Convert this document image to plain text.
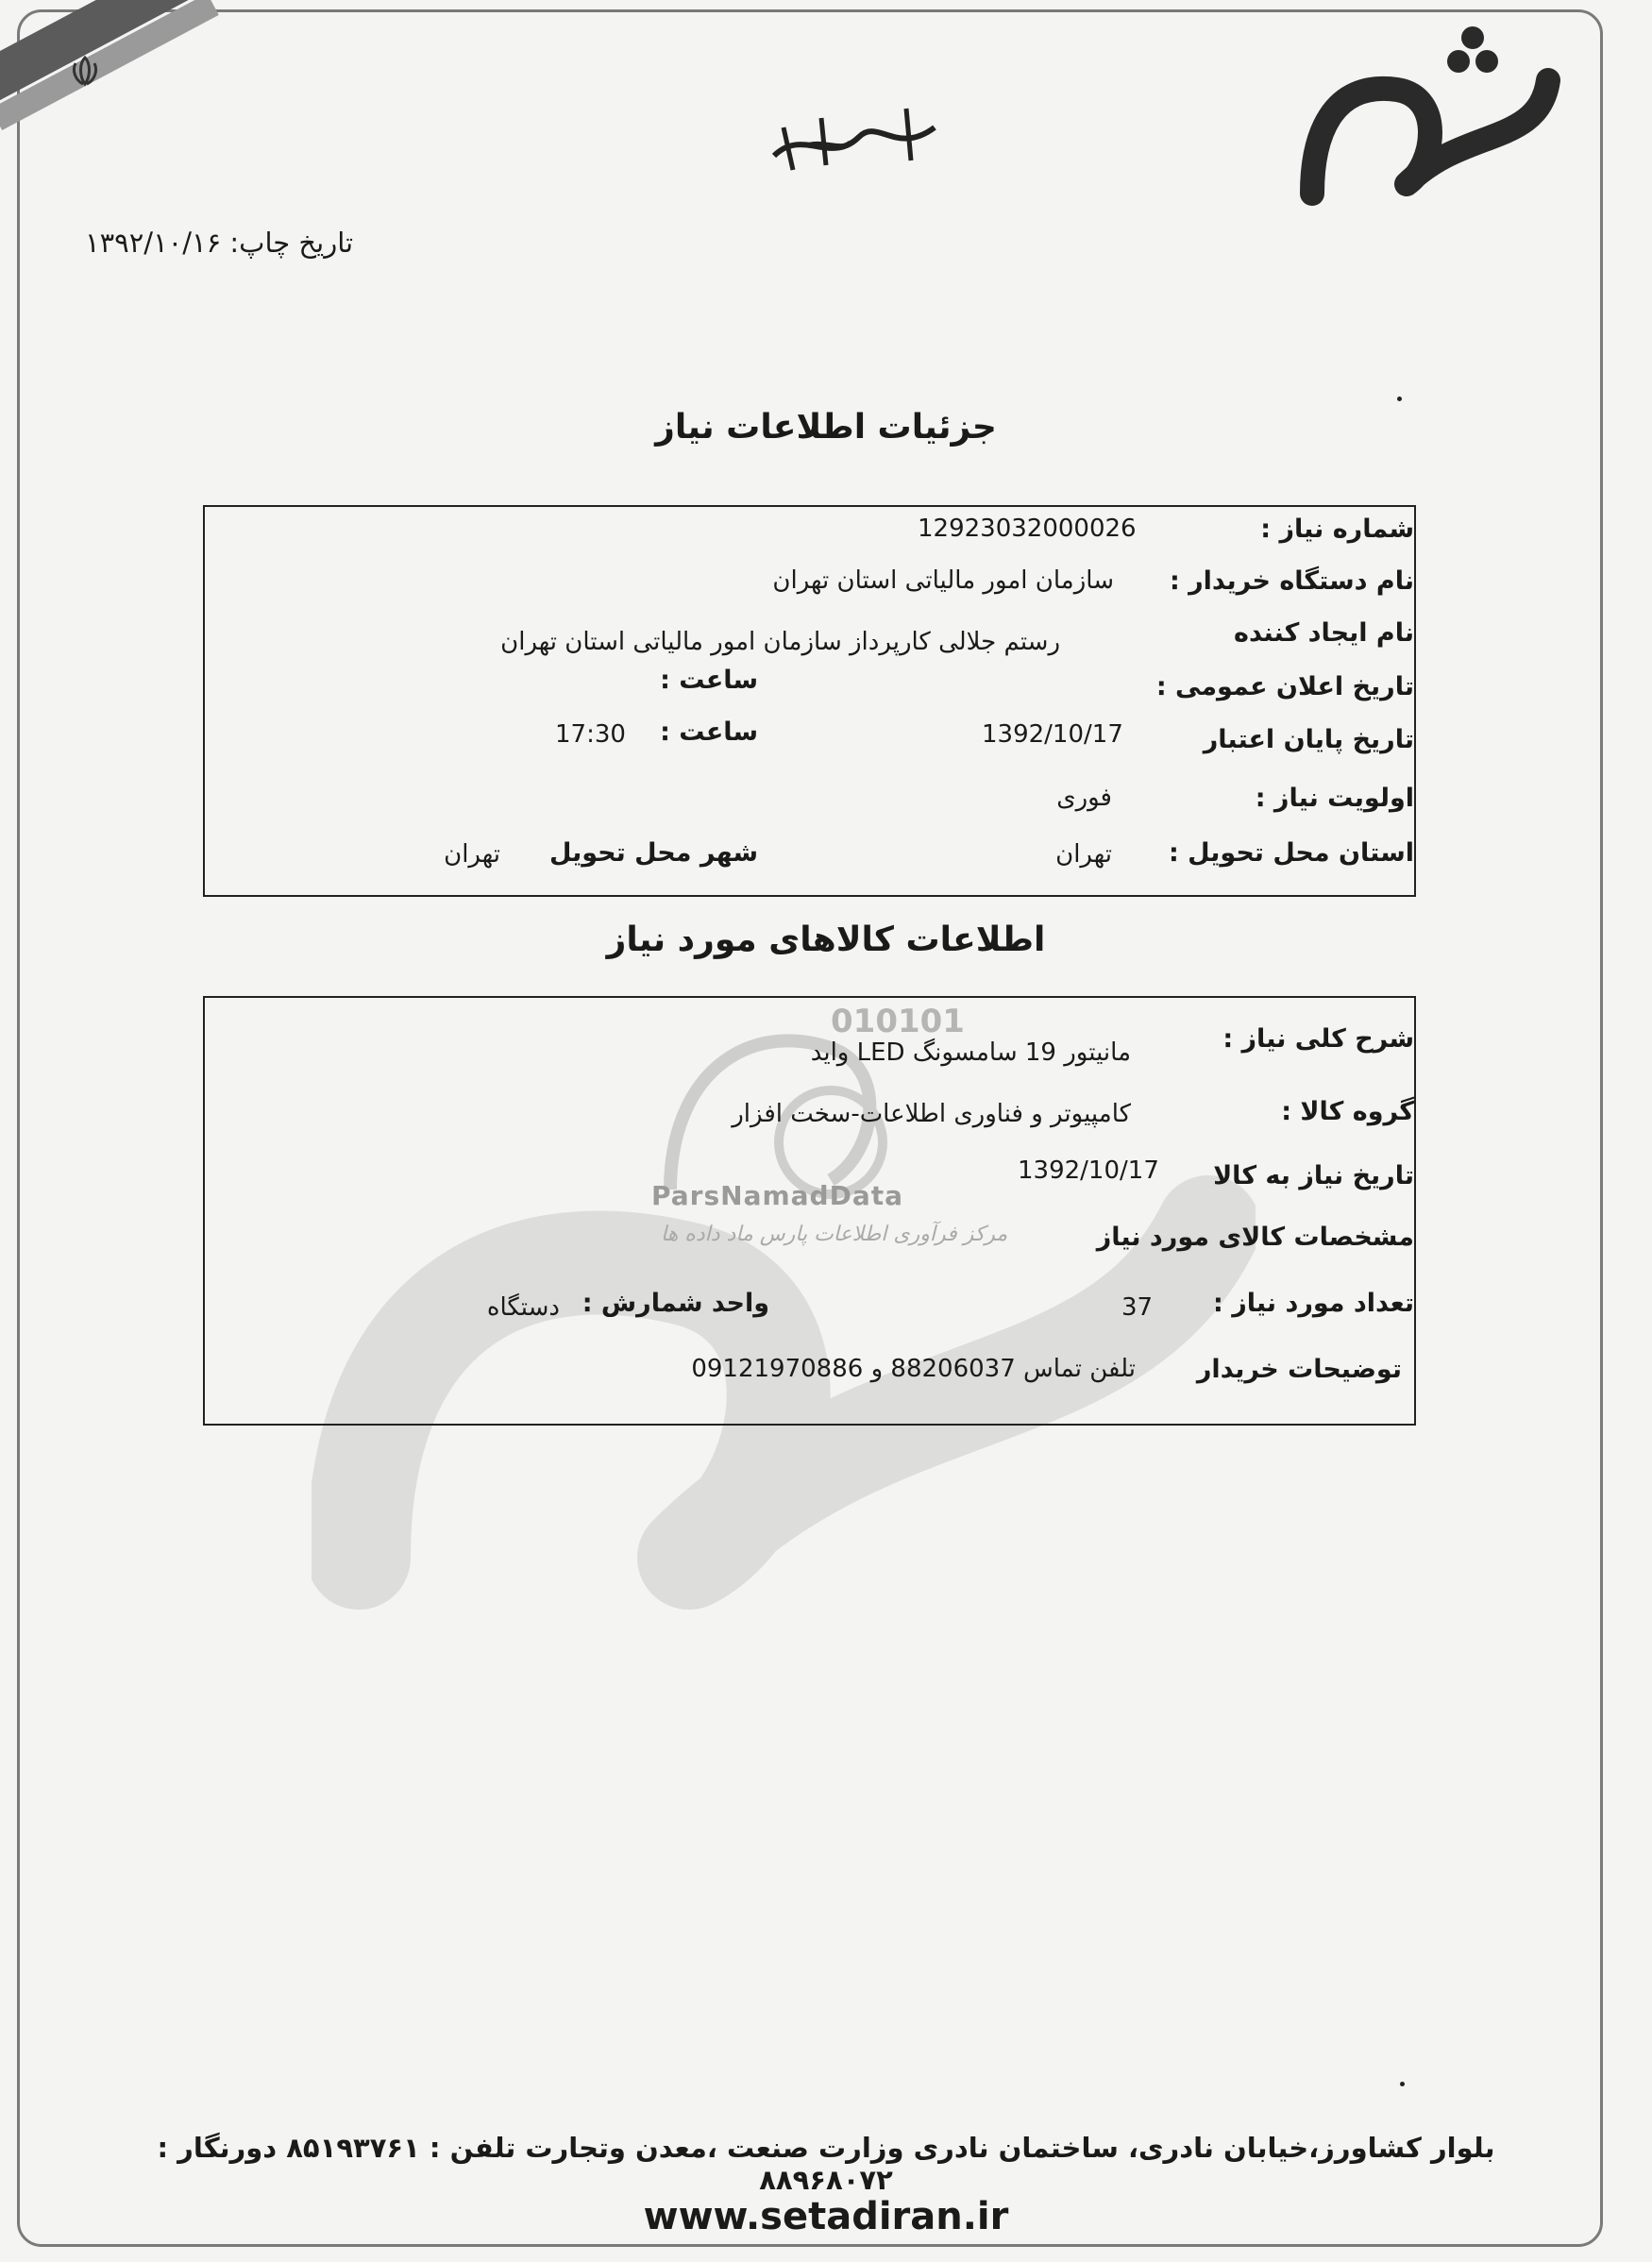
تاریخ چاپ: ۱۳۹۲/۱۰/۱۶
جزئیات اطلاعات نیاز
شماره نیاز :
12923032000026
نام دستگاه خریدار :
سازمان امور مالیاتی استان تهران
نام ایجاد کننده
رستم جلالی کارپرداز سازمان امور مالیاتی استان تهران
تاریخ اعلان عمومی :
ساعت :
تاریخ پایان اعتبار
1392/10/17
ساعت :
17:30
اولویت نیاز :
فوری
استان محل تحویل :
تهران
شهر محل تحویل
تهران
اطلاعات کالاهای مورد نیاز
010101
ParsNamadData
مرکز فرآوری اطلاعات پارس ماد داده ها
شرح کلی نیاز :
مانیتور 19 سامسونگ LED واید
گروه کالا :
کامپیوتر و فناوری اطلاعات-سخت افزار
تاریخ نیاز به کالا
1392/10/17
مشخصات کالای مورد نیاز
تعداد مورد نیاز :
37
واحد شمارش :
دستگاه
توضیحات خریدار
تلفن تماس 88206037 و 09121970886
بلوار کشاورز،خیابان نادری، ساختمان نادری وزارت صنعت ،معدن وتجارت تلفن : ۸۵۱۹۳۷۶۱ دورنگار : ۸۸۹۶۸۰۷۲
www.setadiran.ir
